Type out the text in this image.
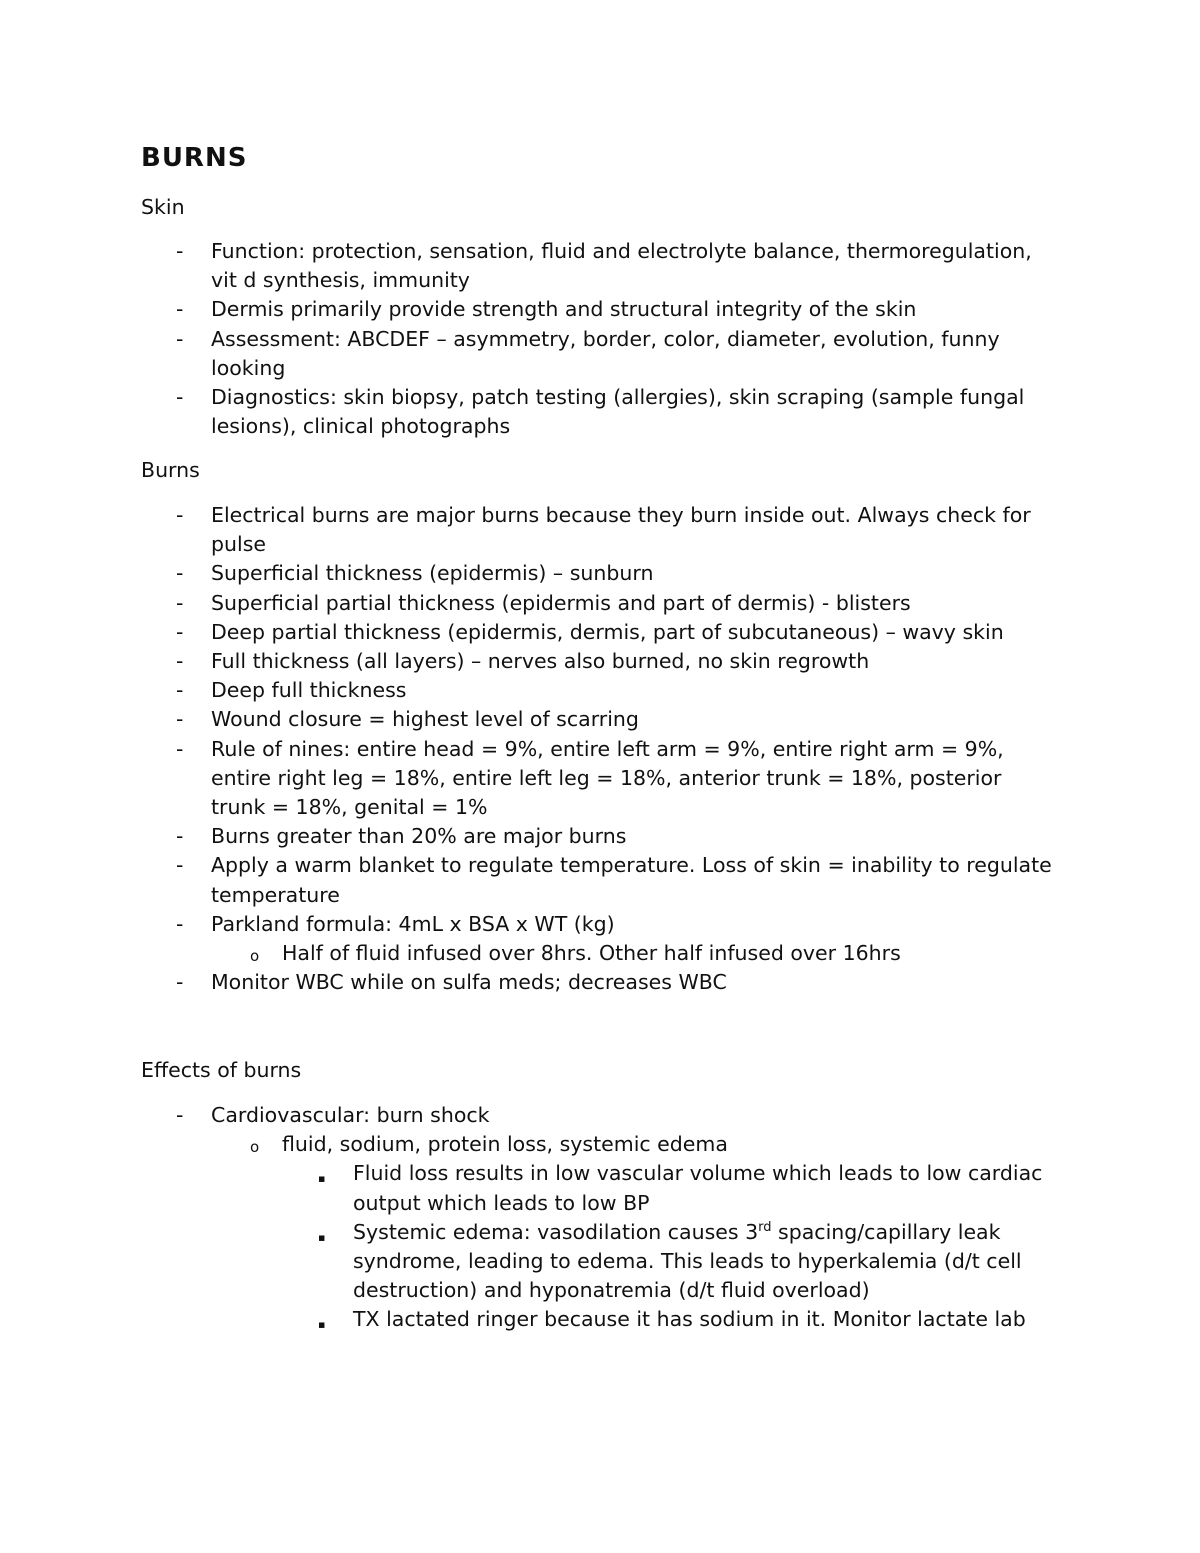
BURNS
Skin
- Function: protection, sensation, fluid and electrolyte balance, thermoregulation, vit d synthesis, immunity
- Dermis primarily provide strength and structural integrity of the skin
- Assessment: ABCDEF – asymmetry, border, color, diameter, evolution, funny looking
- Diagnostics: skin biopsy, patch testing (allergies), skin scraping (sample fungal lesions), clinical photographs
Burns
- Electrical burns are major burns because they burn inside out. Always check for pulse
- Superficial thickness (epidermis) – sunburn
- Superficial partial thickness (epidermis and part of dermis) - blisters
- Deep partial thickness (epidermis, dermis, part of subcutaneous) – wavy skin
- Full thickness (all layers) – nerves also burned, no skin regrowth
- Deep full thickness
- Wound closure = highest level of scarring
- Rule of nines: entire head = 9%, entire left arm = 9%, entire right arm = 9%, entire right leg = 18%, entire left leg = 18%, anterior trunk = 18%, posterior trunk = 18%, genital = 1%
- Burns greater than 20% are major burns
- Apply a warm blanket to regulate temperature. Loss of skin = inability to regulate temperature
- Parkland formula: 4mL x BSA x WT (kg)
o Half of fluid infused over 8hrs. Other half infused over 16hrs
- Monitor WBC while on sulfa meds; decreases WBC
Effects of burns
- Cardiovascular: burn shock
o fluid, sodium, protein loss, systemic edema
▪ Fluid loss results in low vascular volume which leads to low cardiac output which leads to low BP
▪ Systemic edema: vasodilation causes 3rd spacing/capillary leak syndrome, leading to edema. This leads to hyperkalemia (d/t cell destruction) and hyponatremia (d/t fluid overload)
▪ TX lactated ringer because it has sodium in it. Monitor lactate lab
